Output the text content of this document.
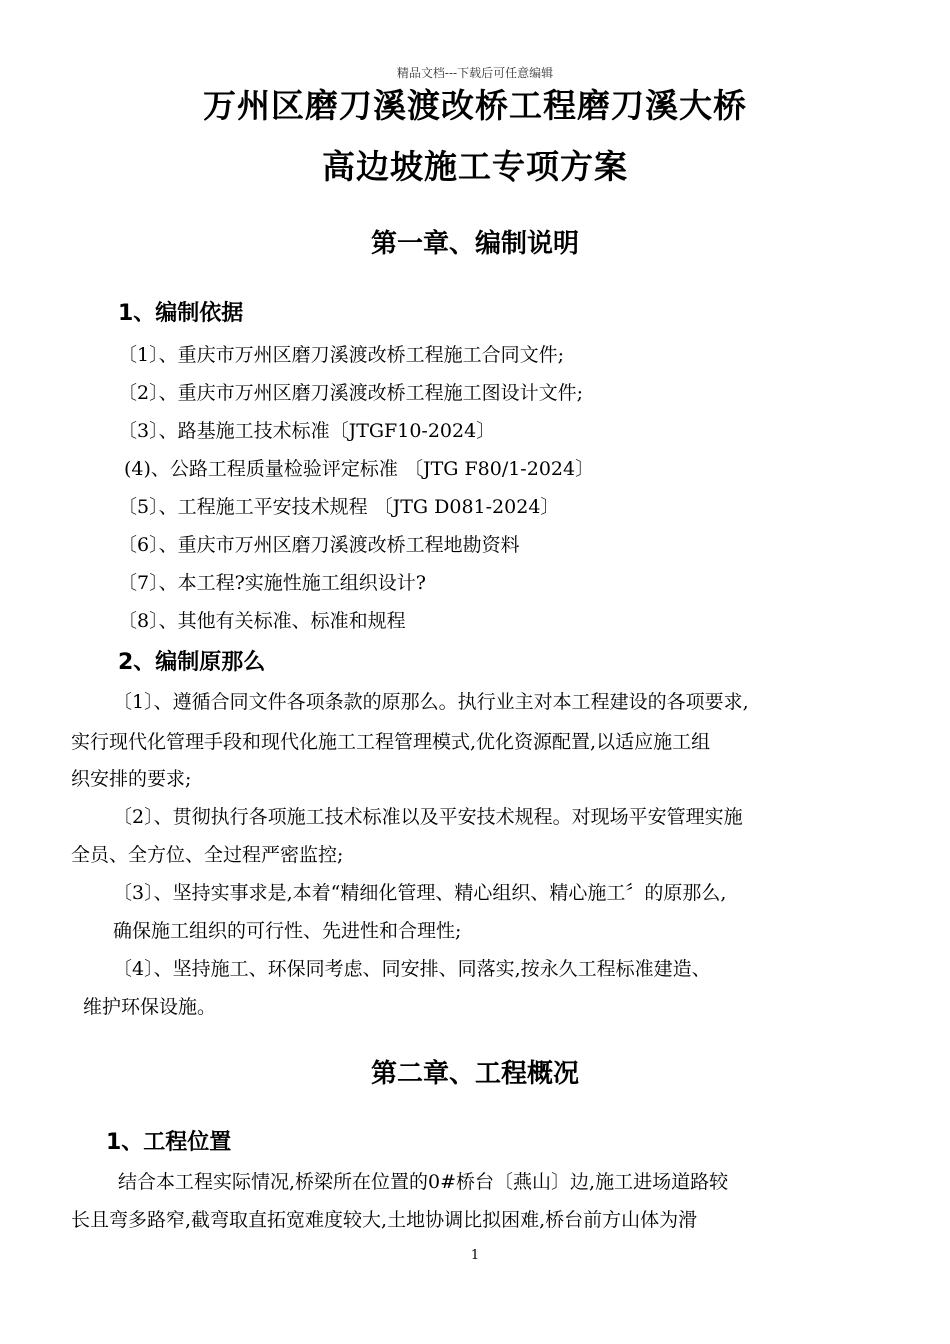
精品文档---下载后可任意编辑
万州区磨刀溪渡改桥工程磨刀溪大桥
高边坡施工专项方案
第一章、编制说明
1、编制依据
〔1〕、重庆市万州区磨刀溪渡改桥工程施工合同文件;
〔2〕、重庆市万州区磨刀溪渡改桥工程施工图设计文件;
〔3〕、路基施工技术标准〔JTGF10-2024〕
(4)、公路工程质量检验评定标准 〔JTG F80/1-2024〕
〔5〕、工程施工平安技术规程 〔JTG D081-2024〕
〔6〕、重庆市万州区磨刀溪渡改桥工程地勘资料
〔7〕、本工程?实施性施工组织设计?
〔8〕、其他有关标准、标准和规程
2、编制原那么
〔1〕、遵循合同文件各项条款的原那么。执行业主对本工程建设的各项要求,
实行现代化管理手段和现代化施工工程管理模式,优化资源配置,以适应施工组
织安排的要求;
〔2〕、贯彻执行各项施工技术标准以及平安技术规程。对现场平安管理实施
全员、全方位、全过程严密监控;
〔3〕、坚持实事求是,本着“精细化管理、精心组织、精心施工〞的原那么,
确保施工组织的可行性、先进性和合理性;
〔4〕、坚持施工、环保同考虑、同安排、同落实,按永久工程标准建造、
维护环保设施。
第二章、工程概况
1、工程位置
结合本工程实际情况,桥梁所在位置的0#桥台〔燕山〕边,施工进场道路较
长且弯多路窄,截弯取直拓宽难度较大,土地协调比拟困难,桥台前方山体为滑
1
